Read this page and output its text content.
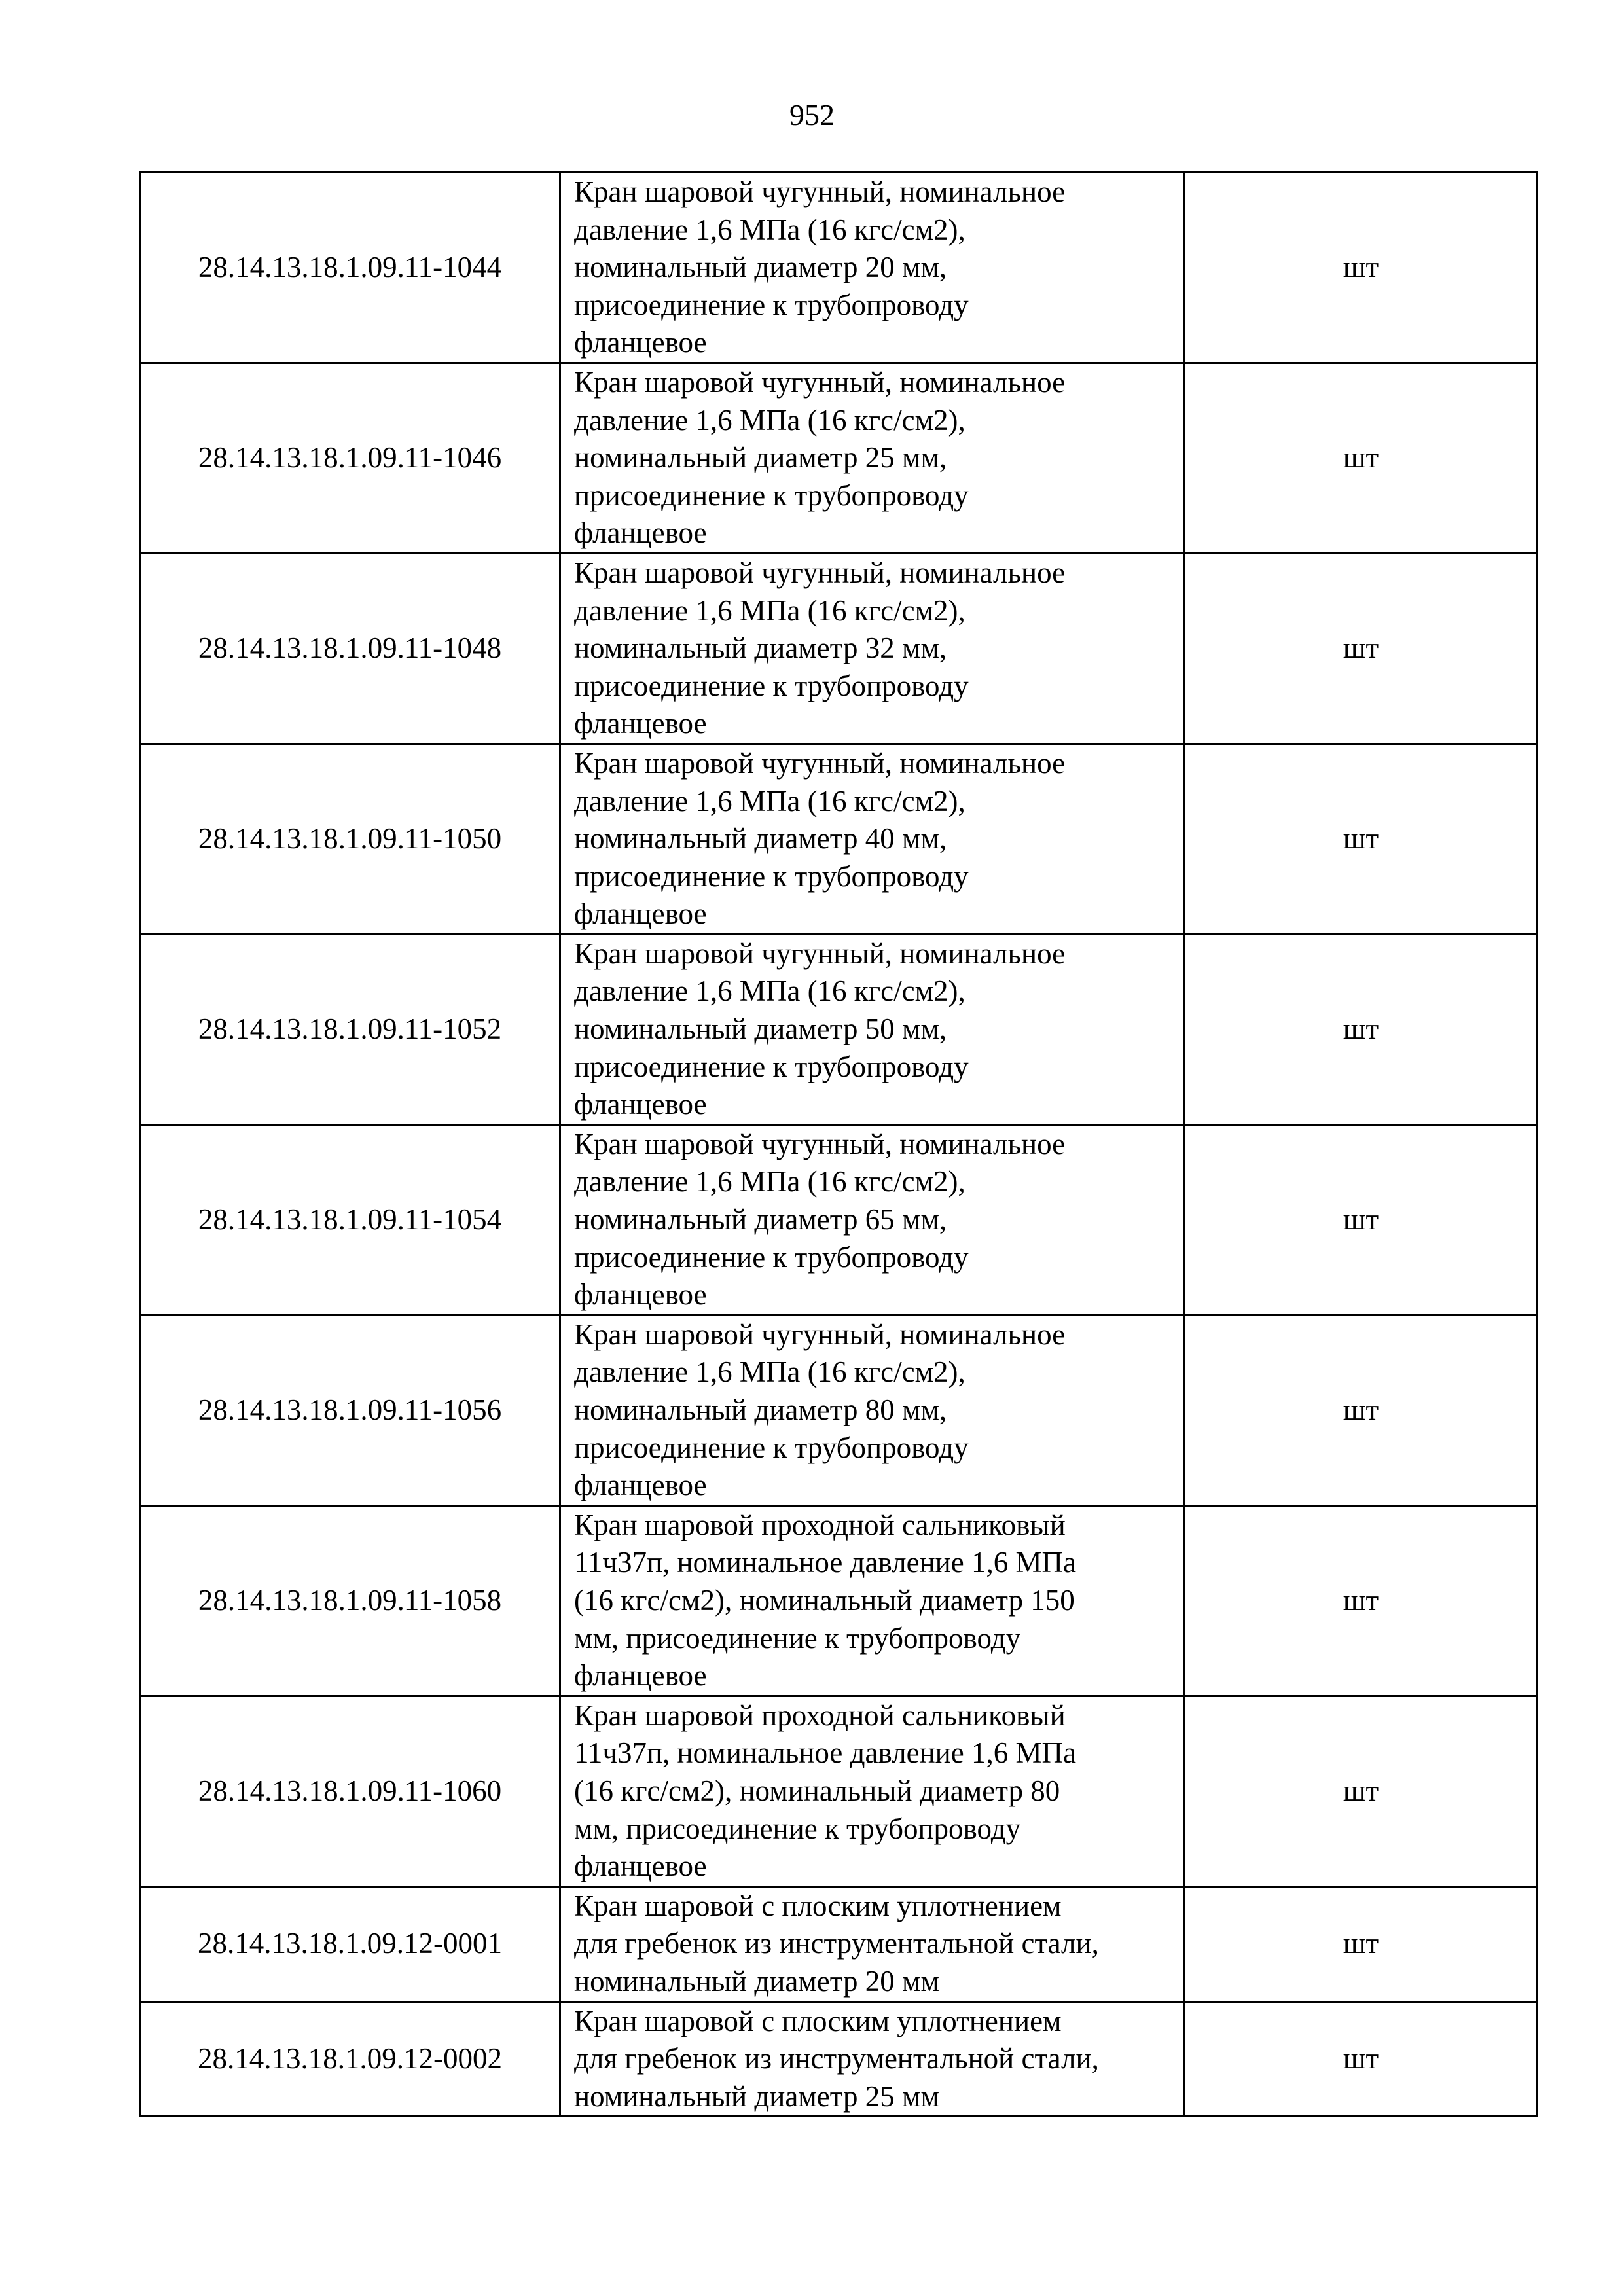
952
28.14.13.18.1.09.11-1044	Кран шаровой чугунный, номинальное
давление 1,6 МПа (16 кгс/см2),
номинальный диаметр 20 мм,
присоединение к трубопроводу
фланцевое	шт
28.14.13.18.1.09.11-1046	Кран шаровой чугунный, номинальное
давление 1,6 МПа (16 кгс/см2),
номинальный диаметр 25 мм,
присоединение к трубопроводу
фланцевое	шт
28.14.13.18.1.09.11-1048	Кран шаровой чугунный, номинальное
давление 1,6 МПа (16 кгс/см2),
номинальный диаметр 32 мм,
присоединение к трубопроводу
фланцевое	шт
28.14.13.18.1.09.11-1050	Кран шаровой чугунный, номинальное
давление 1,6 МПа (16 кгс/см2),
номинальный диаметр 40 мм,
присоединение к трубопроводу
фланцевое	шт
28.14.13.18.1.09.11-1052	Кран шаровой чугунный, номинальное
давление 1,6 МПа (16 кгс/см2),
номинальный диаметр 50 мм,
присоединение к трубопроводу
фланцевое	шт
28.14.13.18.1.09.11-1054	Кран шаровой чугунный, номинальное
давление 1,6 МПа (16 кгс/см2),
номинальный диаметр 65 мм,
присоединение к трубопроводу
фланцевое	шт
28.14.13.18.1.09.11-1056	Кран шаровой чугунный, номинальное
давление 1,6 МПа (16 кгс/см2),
номинальный диаметр 80 мм,
присоединение к трубопроводу
фланцевое	шт
28.14.13.18.1.09.11-1058	Кран шаровой проходной сальниковый
11ч37п, номинальное давление 1,6 МПа
(16 кгс/см2), номинальный диаметр 150
мм, присоединение к трубопроводу
фланцевое	шт
28.14.13.18.1.09.11-1060	Кран шаровой проходной сальниковый
11ч37п, номинальное давление 1,6 МПа
(16 кгс/см2), номинальный диаметр 80
мм, присоединение к трубопроводу
фланцевое	шт
28.14.13.18.1.09.12-0001	Кран шаровой с плоским уплотнением
для гребенок из инструментальной стали,
номинальный диаметр 20 мм	шт
28.14.13.18.1.09.12-0002	Кран шаровой с плоским уплотнением
для гребенок из инструментальной стали,
номинальный диаметр 25 мм	шт
